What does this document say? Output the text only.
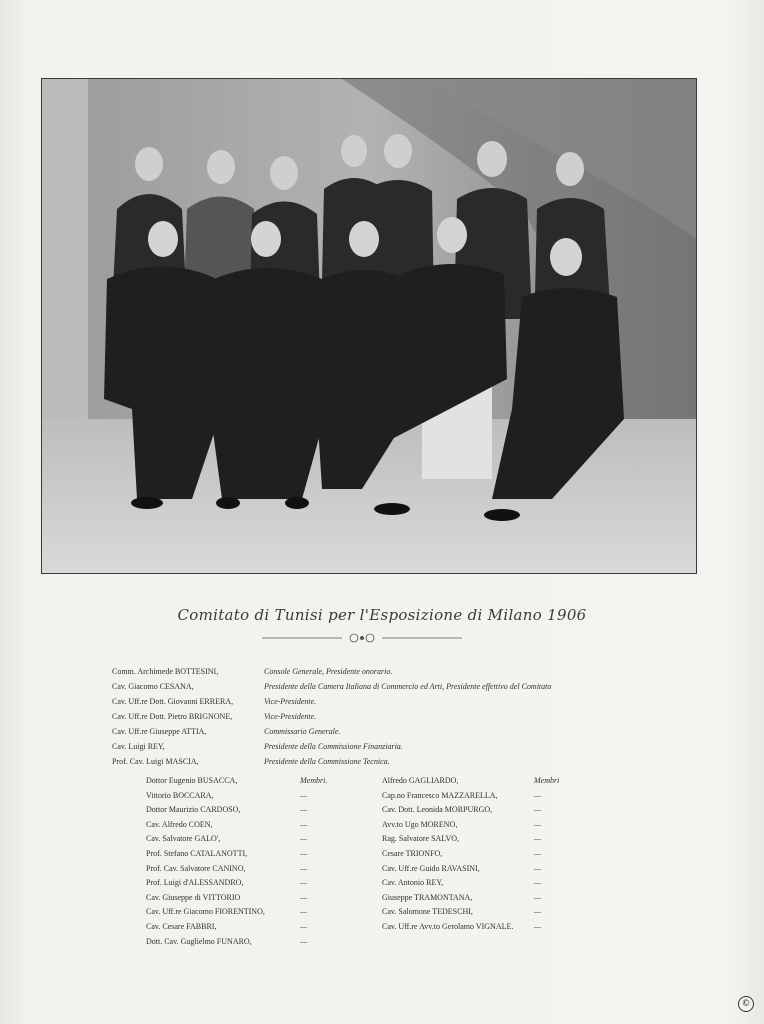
Comitato di Tunisi per l'Esposizione di Milano 1906
Comm. Archimede BOTTESINI,	Console Generale, Presidente onorario.
Cav. Giacomo CESANA,	Presidente della Camera Italiana di Commercio ed Arti, Presidente effettivo del Comitato
Cav. Uff.re Dott. Giovanni ERRERA,	Vice-Presidente.
Cav. Uff.re Dott. Pietro BRIGNONE,	Vice-Presidente.
Cav. Uff.re Giuseppe ATTIA,	Commissario Generale.
Cav. Luigi REY,	Presidente della Commissione Finanziaria.
Prof. Cav. Luigi MASCIA,	Presidente della Commissione Tecnica.
Dottor Eugenio BUSACCA,	Membri.
Vittorio BOCCARA,	—
Dottor Maurizio CARDOSO,	—
Cav. Alfredo COEN,	—
Cav. Salvatore GALO',	—
Prof. Stefano CATALANOTTI,	—
Prof. Cav. Salvatore CANINO,	—
Prof. Luigi d'ALESSANDRO,	—
Cav. Giuseppe di VITTORIO	—
Cav. Uff.re Giacomo FIORENTINO,	—
Cav. Cesare FABBRI,	—
Dott. Cav. Guglielmo FUNARO,	—
Alfredo GAGLIARDO,	Membri
Cap.no Francesco MAZZARELLA,	—
Cav. Dott. Leonida MORPURGO,	—
Avv.to Ugo MORENO,	—
Rag. Salvatore SALVO,	—
Cesare TRIONFO,	—
Cav. Uff.re Guido RAVASINI,	—
Cav. Antonio REY,	—
Giuseppe TRAMONTANA,	—
Cav. Salomone TEDESCHI,	—
Cav. Uff.re Avv.to Gerolamo VIGNALE.	—
©
